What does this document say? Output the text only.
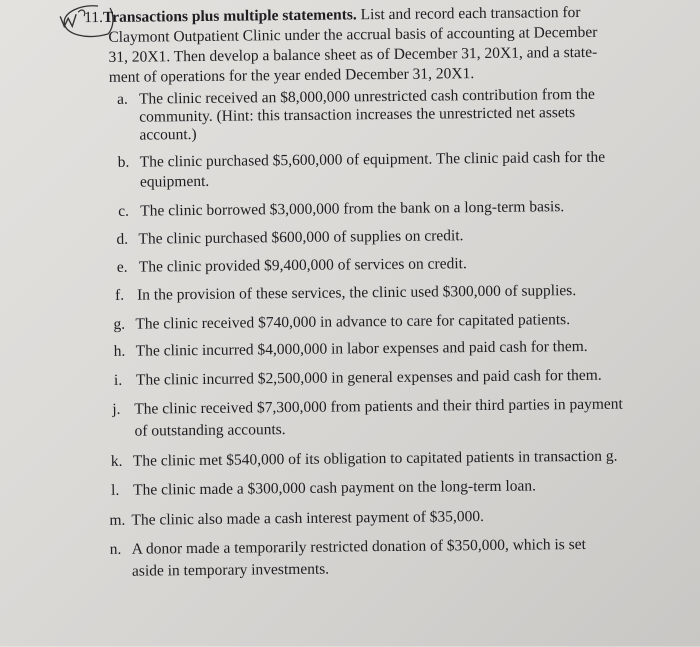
11.Transactions plus multiple statements. List and record each transaction for
Claymont Outpatient Clinic under the accrual basis of accounting at December
31, 20X1. Then develop a balance sheet as of December 31, 20X1, and a state-
ment of operations for the year ended December 31, 20X1.
a. The clinic received an $8,000,000 unrestricted cash contribution from the
community. (Hint: this transaction increases the unrestricted net assets
account.)
b. The clinic purchased $5,600,000 of equipment. The clinic paid cash for the
equipment.
c. The clinic borrowed $3,000,000 from the bank on a long-term basis.
d. The clinic purchased $600,000 of supplies on credit.
e. The clinic provided $9,400,000 of services on credit.
f. In the provision of these services, the clinic used $300,000 of supplies.
g. The clinic received $740,000 in advance to care for capitated patients.
h. The clinic incurred $4,000,000 in labor expenses and paid cash for them.
i. The clinic incurred $2,500,000 in general expenses and paid cash for them.
j. The clinic received $7,300,000 from patients and their third parties in payment
of outstanding accounts.
k. The clinic met $540,000 of its obligation to capitated patients in transaction g.
l. The clinic made a $300,000 cash payment on the long-term loan.
m. The clinic also made a cash interest payment of $35,000.
n. A donor made a temporarily restricted donation of $350,000, which is set
aside in temporary investments.
